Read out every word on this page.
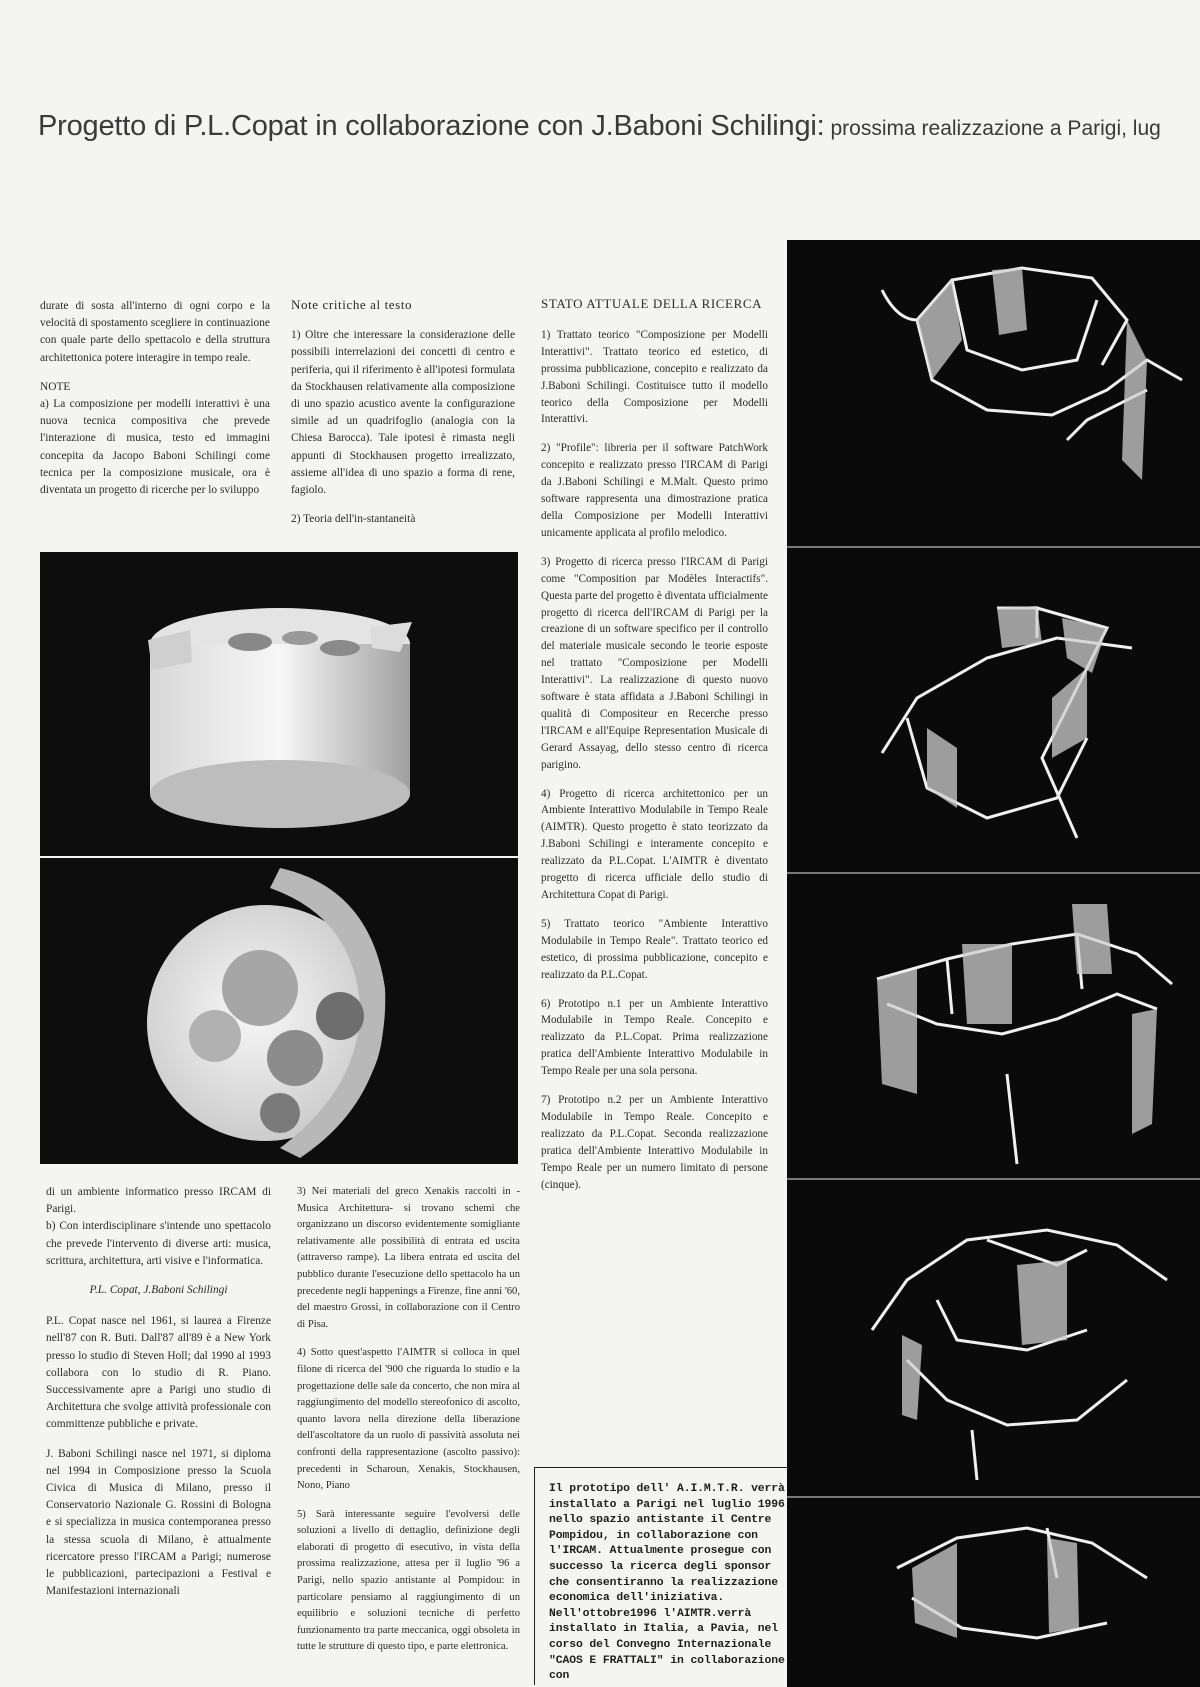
Progetto di P.L.Copat in collaborazione con J.Baboni Schilingi: prossima realizzazione a Parigi, lug

durate di sosta all'interno di ogni corpo e la velocità di spostamento scegliere in continuazione con quale parte dello spettacolo e della struttura architettonica potere interagire in tempo reale.

NOTE

a) La composizione per modelli interattivi è una nuova tecnica compositiva che prevede l'interazione di musica, testo ed immagini concepita da Jacopo Baboni Schilingi come tecnica per la composizione musicale, ora è diventata un progetto di ricerche per lo sviluppo

Note critiche al testo

1) Oltre che interessare la considerazione delle possibili interrelazioni dei concetti di centro e periferia, qui il riferimento è all'ipotesi formulata da Stockhausen relativamente alla composizione di uno spazio acustico avente la configurazione simile ad un quadrifoglio (analogia con la Chiesa Barocca). Tale ipotesi è rimasta negli appunti di Stockhausen progetto irrealizzato, assieme all'idea di uno spazio a forma di rene, fagiolo.

2) Teoria dell'in-stantaneità

STATO ATTUALE DELLA RICERCA

1) Trattato teorico "Composizione per Modelli Interattivi". Trattato teorico ed estetico, di prossima pubblicazione, concepito e realizzato da J.Baboni Schilingi. Costituisce tutto il modello teorico della Composizione per Modelli Interattivi.

2) "Profile": libreria per il software PatchWork concepito e realizzato presso l'IRCAM di Parigi da J.Baboni Schilingi e M.Malt. Questo primo software rappresenta una dimostrazione pratica della Composizione per Modelli Interattivi unicamente applicata al profilo melodico.

3) Progetto di ricerca presso l'IRCAM di Parigi come "Composition par Modèles Interactifs". Questa parte del progetto è diventata ufficialmente progetto di ricerca dell'IRCAM di Parigi per la creazione di un software specifico per il controllo del materiale musicale secondo le teorie esposte nel trattato "Composizione per Modelli Interattivi". La realizzazione di questo nuovo software è stata affidata a J.Baboni Schilingi in qualità di Compositeur en Recerche presso l'IRCAM e all'Equipe Representation Musicale di Gerard Assayag, dello stesso centro di ricerca parigino.

4) Progetto di ricerca architettonico per un Ambiente Interattivo Modulabile in Tempo Reale (AIMTR). Questo progetto è stato teorizzato da J.Baboni Schilingi e interamente concepito e realizzato da P.L.Copat. L'AIMTR è diventato progetto di ricerca ufficiale dello studio di Architettura Copat di Parigi.

5) Trattato teorico "Ambiente Interattivo Modulabile in Tempo Reale". Trattato teorico ed estetico, di prossima pubblicazione, concepito e realizzato da P.L.Copat.

6) Prototipo n.1 per un Ambiente Interattivo Modulabile in Tempo Reale. Concepito e realizzato da P.L.Copat. Prima realizzazione pratica dell'Ambiente Interattivo Modulabile in Tempo Reale per una sola persona.

7) Prototipo n.2 per un Ambiente Interattivo Modulabile in Tempo Reale. Concepito e realizzato da P.L.Copat. Seconda realizzazione pratica dell'Ambiente Interattivo Modulabile in Tempo Reale per un numero limitato di persone (cinque).

di un ambiente informatico presso IRCAM di Parigi.

b) Con interdisciplinare s'intende uno spettacolo che prevede l'intervento di diverse arti: musica, scrittura, architettura, arti visive e l'informatica.

P.L. Copat, J.Baboni Schilingi

P.L. Copat nasce nel 1961, si laurea a Firenze nell'87 con R. Buti. Dall'87 all'89 è a New York presso lo studio di Steven Holl; dal 1990 al 1993 collabora con lo studio di R. Piano. Successivamente apre a Parigi uno studio di Architettura che svolge attività professionale con committenze pubbliche e private.

J. Baboni Schilingi nasce nel 1971, si diploma nel 1994 in Composizione presso la Scuola Civica di Musica di Milano, presso il Conservatorio Nazionale G. Rossini di Bologna e si specializza in musica contemporanea presso la stessa scuola di Milano, è attualmente ricercatore presso l'IRCAM a Parigi; numerose le pubblicazioni, partecipazioni a Festival e Manifestazioni internazionali

3) Nei materiali del greco Xenakis raccolti in - Musica Architettura- si trovano schemi che organizzano un discorso evidentemente somigliante relativamente alle possibilità di entrata ed uscita (attraverso rampe). La libera entrata ed uscita del pubblico durante l'esecuzione dello spettacolo ha un precedente negli happenings a Firenze, fine anni '60, del maestro Grossi, in collaborazione con il Centro di Pisa.

4) Sotto quest'aspetto l'AIMTR si colloca in quel filone di ricerca del '900 che riguarda lo studio e la progettazione delle sale da concerto, che non mira al raggiungimento del modello stereofonico di ascolto, quanto lavora nella direzione della liberazione dell'ascoltatore da un ruolo di passività assoluta nei confronti della rappresentazione (ascolto passivo): precedenti in Scharoun, Xenakis, Stockhausen, Nono, Piano

5) Sarà interessante seguire l'evolversi delle soluzioni a livello di dettaglio, definizione degli elaborati di progetto di esecutivo, in vista della prossima realizzazione, attesa per il luglio '96 a Parigi, nello spazio antistante al Pompidou: in particolare pensiamo al raggiungimento di un equilibrio e soluzioni tecniche di perfetto funzionamento tra parte meccanica, oggi obsoleta in tutte le strutture di questo tipo, e parte elettronica.

Il prototipo dell' A.I.M.T.R. verrà installato a Parigi nel luglio 1996 nello spazio antistante il Centre Pompidou, in collaborazione con l'IRCAM. Attualmente prosegue con successo la ricerca degli sponsor che consentiranno la realizzazione economica dell'iniziativa.
Nell'ottobre1996 l'AIMTR.verrà installato in Italia, a Pavia, nel corso del Convegno Internazionale "CAOS E FRATTALI" in collaborazione con
